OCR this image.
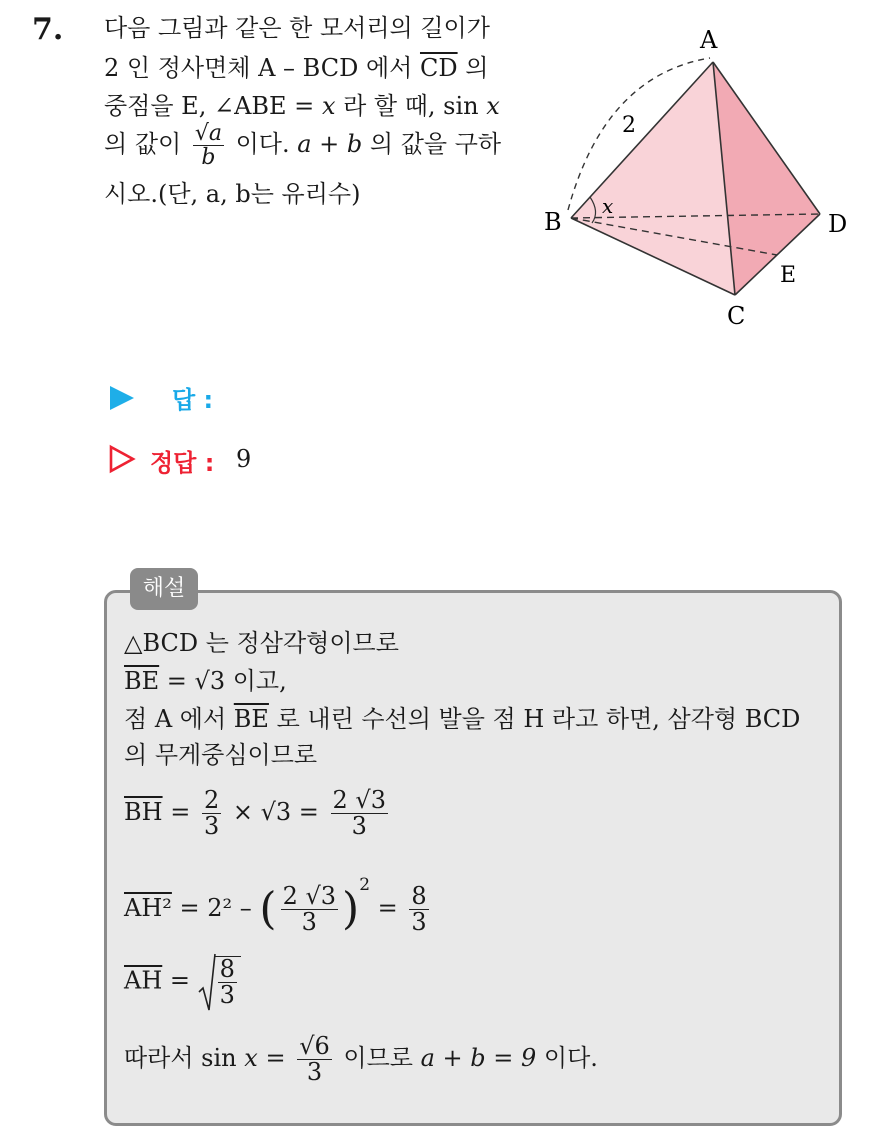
7. 다음 그림과 같은 한 모서리의 길이가
2 인 정사면체 A – BCD 에서 $\overline{CD}$ 의
중점을 E, ∠ABE = x 라 할 때, sin x
의 값이 $\frac{√a}{b}$ 이다. a + b 의 값을 구하
시오.(단, a, b는 유리수)
A
B
C
D
E
2
x
답 :
정답 : 9
해설
△BCD 는 정삼각형이므로
$\overline{BE} = √3$ 이고,
점 A 에서 $\overline{BE}$ 로 내린 수선의 발을 점 H 라고 하면, 삼각형 BCD
의 무게중심이므로
$\overline{BH} = \frac{2}{3} \times √3 = \frac{2 √3}{3}$
AH² = 2² – ( $\frac{2 √3}{3} )^2 = \frac{8}{3}$
$\overline{AH} = \frac{8}{3}$
따라서 $\sin x = \frac{√6}{3}$ 이므로 a + b = 9 이다.
